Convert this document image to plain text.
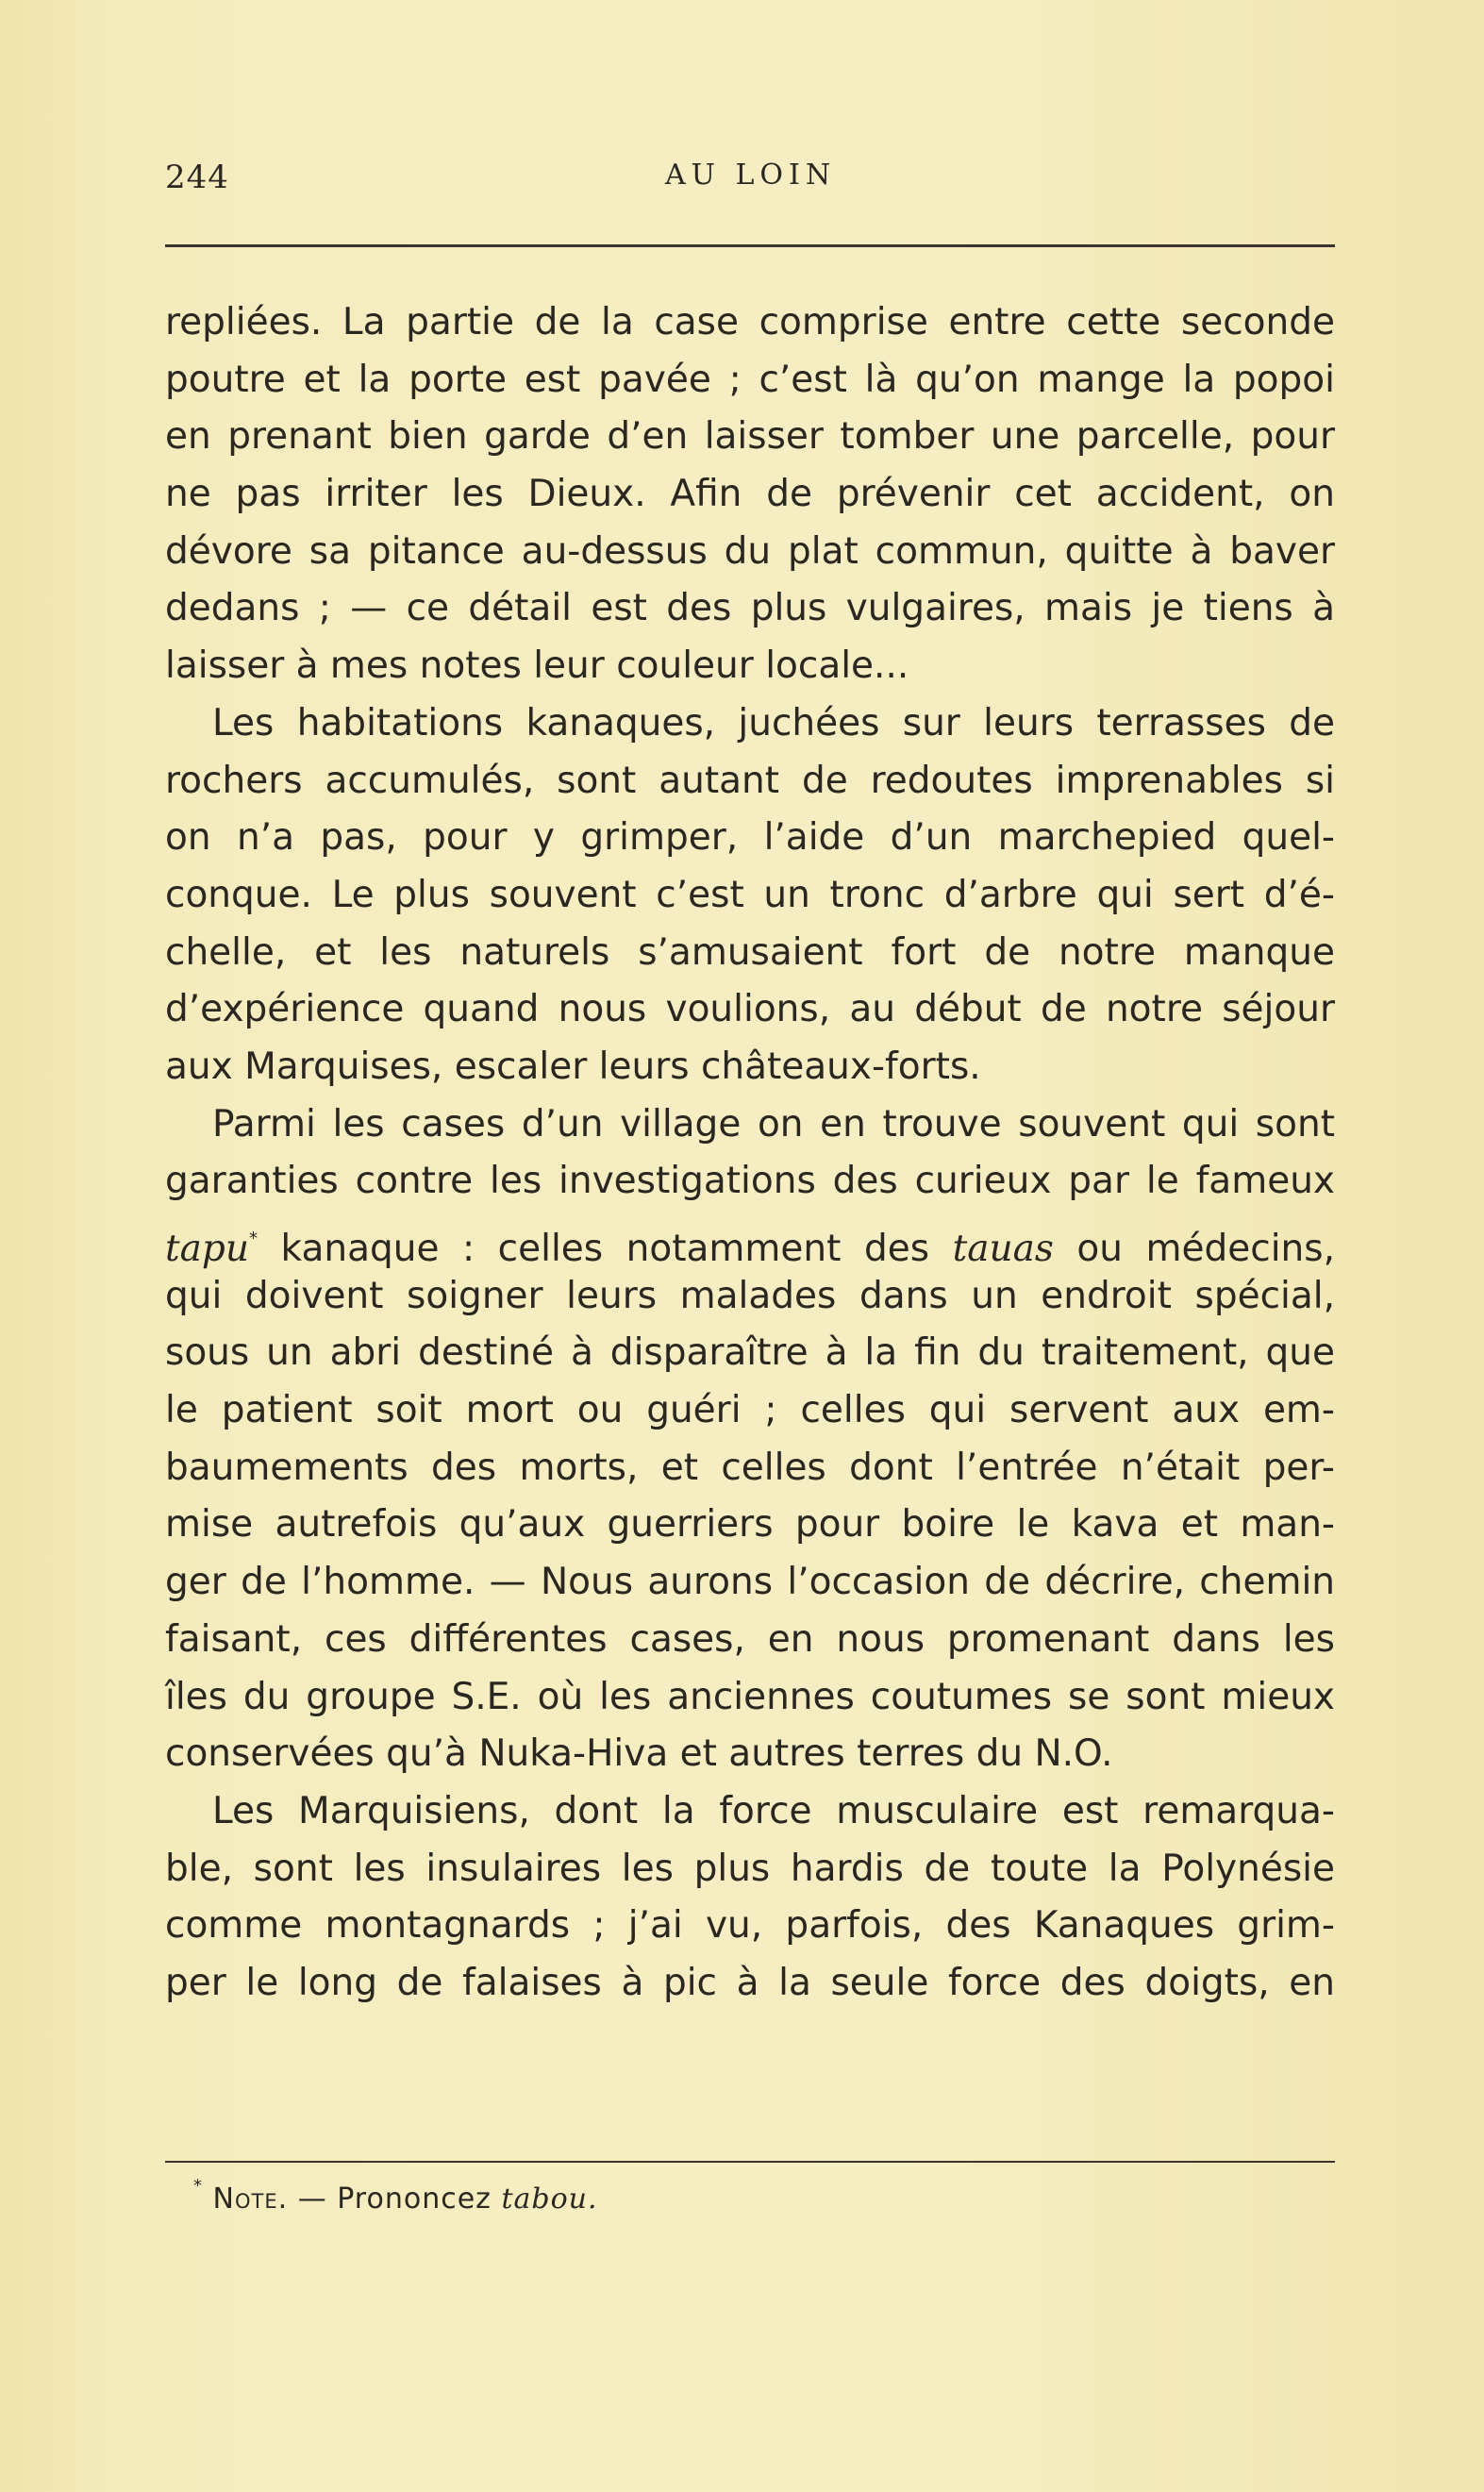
244	AU LOIN
repliées. La partie de la case comprise entre cette seconde
poutre et la porte est pavée ; c’est là qu’on mange la popoi
en prenant bien garde d’en laisser tomber une parcelle, pour
ne pas irriter les Dieux. Afin de prévenir cet accident, on
dévore sa pitance au-dessus du plat commun, quitte à baver
dedans ; — ce détail est des plus vulgaires, mais je tiens à
laisser à mes notes leur couleur locale...
Les habitations kanaques, juchées sur leurs terrasses de
rochers accumulés, sont autant de redoutes imprenables si
on n’a pas, pour y grimper, l’aide d’un marchepied quel-
conque. Le plus souvent c’est un tronc d’arbre qui sert d’é-
chelle, et les naturels s’amusaient fort de notre manque
d’expérience quand nous voulions, au début de notre séjour
aux Marquises, escaler leurs châteaux-forts.
Parmi les cases d’un village on en trouve souvent qui sont
garanties contre les investigations des curieux par le fameux
tapu* kanaque : celles notamment des tauas ou médecins,
qui doivent soigner leurs malades dans un endroit spécial,
sous un abri destiné à disparaître à la fin du traitement, que
le patient soit mort ou guéri ; celles qui servent aux em-
baumements des morts, et celles dont l’entrée n’était per-
mise autrefois qu’aux guerriers pour boire le kava et man-
ger de l’homme. — Nous aurons l’occasion de décrire, chemin
faisant, ces différentes cases, en nous promenant dans les
îles du groupe S.E. où les anciennes coutumes se sont mieux
conservées qu’à Nuka-Hiva et autres terres du N.O.
Les Marquisiens, dont la force musculaire est remarqua-
ble, sont les insulaires les plus hardis de toute la Polynésie
comme montagnards ; j’ai vu, parfois, des Kanaques grim-
per le long de falaises à pic à la seule force des doigts, en
* Note. — Prononcez tabou.
